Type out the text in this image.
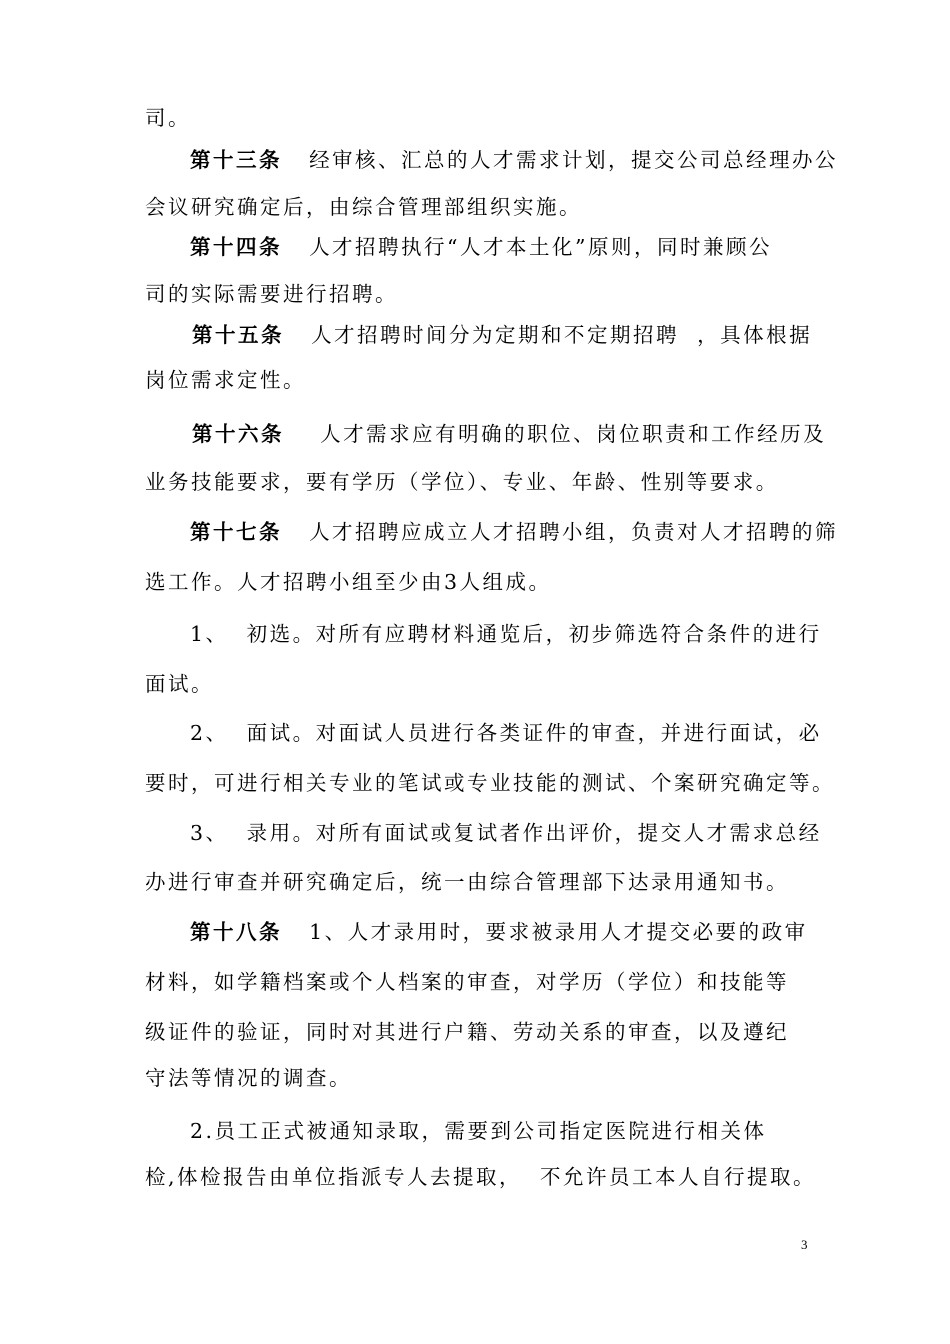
司。
第十三条 经审核、汇总的人才需求计划，提交公司总经理办公
会议研究确定后，由综合管理部组织实施。
第十四条 人才招聘执行“人才本土化”原则，同时兼顾公
司的实际需要进行招聘。
第十五条 人才招聘时间分为定期和不定期招聘  ，具体根据
岗位需求定性。
第十六条 人才需求应有明确的职位、岗位职责和工作经历及
业务技能要求，要有学历（学位）、专业、年龄、性别等要求。
第十七条 人才招聘应成立人才招聘小组，负责对人才招聘的筛
选工作。人才招聘小组至少由3人组成。
1、  初选。对所有应聘材料通览后，初步筛选符合条件的进行
面试。
2、  面试。对面试人员进行各类证件的审查，并进行面试，必
要时，可进行相关专业的笔试或专业技能的测试、个案研究确定等。
3、  录用。对所有面试或复试者作出评价，提交人才需求总经
办进行审查并研究确定后，统一由综合管理部下达录用通知书。
第十八条 1、人才录用时，要求被录用人才提交必要的政审
材料，如学籍档案或个人档案的审查，对学历（学位）和技能等
级证件的验证，同时对其进行户籍、劳动关系的审查，以及遵纪
守法等情况的调查。
2.员工正式被通知录取，需要到公司指定医院进行相关体
检,体检报告由单位指派专人去提取，  不允许员工本人自行提取。
3
